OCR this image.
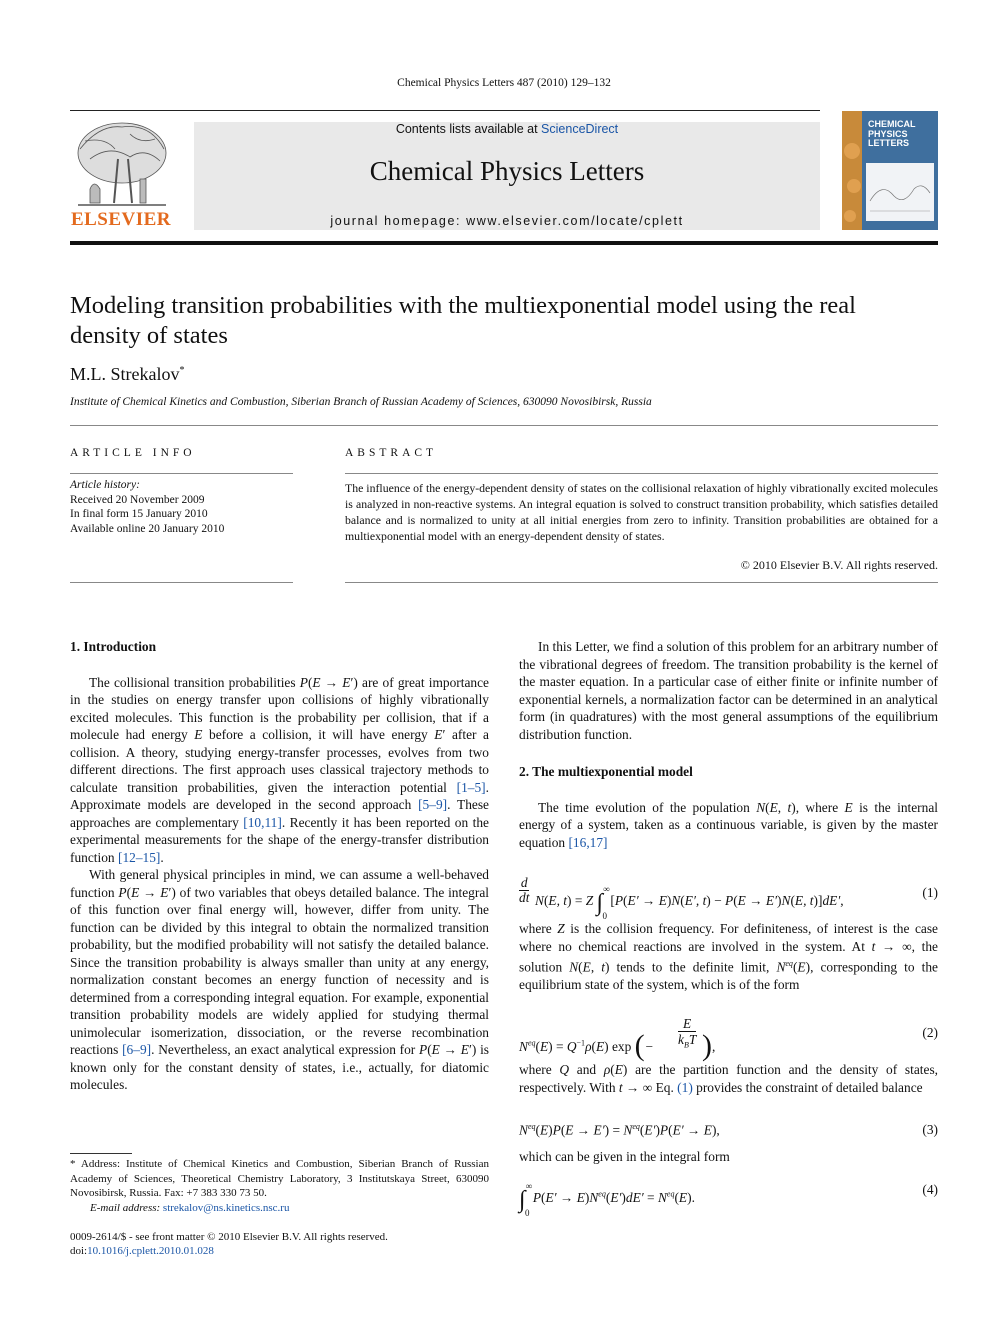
Chemical Physics Letters 487 (2010) 129–132
ELSEVIER
Contents lists available at ScienceDirect
Chemical Physics Letters
journal homepage: www.elsevier.com/locate/cplett
CHEMICAL PHYSICS LETTERS
Modeling transition probabilities with the multiexponential model using the real density of states
M.L. Strekalov*
Institute of Chemical Kinetics and Combustion, Siberian Branch of Russian Academy of Sciences, 630090 Novosibirsk, Russia
ARTICLE INFO
Article history:
Received 20 November 2009
In final form 15 January 2010
Available online 20 January 2010
ABSTRACT
The influence of the energy-dependent density of states on the collisional relaxation of highly vibrationally excited molecules is analyzed in non-reactive systems. An integral equation is solved to construct transition probability, which satisfies detailed balance and is normalized to unity at all initial energies from zero to infinity. Transition probabilities are obtained for a multiexponential model with an energy-dependent density of states.
© 2010 Elsevier B.V. All rights reserved.
1. Introduction

The collisional transition probabilities P(E → E′) are of great importance in the studies on energy transfer upon collisions of highly vibrationally excited molecules. This function is the probability per collision, that if a molecule had energy E before a collision, it will have energy E′ after a collision. A theory, studying energy-transfer processes, evolves from two different directions. The first approach uses classical trajectory methods to calculate transition probabilities, given the interaction potential [1–5]. Approximate models are developed in the second approach [5–9]. These approaches are complementary [10,11]. Recently it has been reported on the experimental measurements for the shape of the energy-transfer distribution function [12–15].

With general physical principles in mind, we can assume a well-behaved function P(E → E′) of two variables that obeys detailed balance. The integral of this function over final energy will, however, differ from unity. The function can be divided by this integral to obtain the normalized transition probability, but the modified probability will not satisfy the detailed balance. Since the transition probability is always smaller than unity at any energy, normalization constant becomes an energy function of necessity and is determined from a corresponding integral equation. For example, exponential transition probability models are widely applied for studying thermal unimolecular isomerization, dissociation, or the reverse recombination reactions [6–9]. Nevertheless, an exact analytical expression for P(E → E′) is known only for the constant density of states, i.e., actually, for diatomic molecules.

* Address: Institute of Chemical Kinetics and Combustion, Siberian Branch of Russian Academy of Sciences, Theoretical Chemistry Laboratory, 3 Institutskaya Street, 630090 Novosibirsk, Russia. Fax: +7 383 330 73 50.
E-mail address: strekalov@ns.kinetics.nsc.ru
0009-2614/$ - see front matter © 2010 Elsevier B.V. All rights reserved.
doi:10.1016/j.cplett.2010.01.028

In this Letter, we find a solution of this problem for an arbitrary number of the vibrational degrees of freedom. The transition probability is the kernel of the master equation. In a particular case of either finite or infinite number of exponential kernels, a normalization factor can be determined in an analytical form (in quadratures) with the most general assumptions of the equilibrium distribution function.

2. The multiexponential model

The time evolution of the population N(E, t), where E is the internal energy of a system, taken as a continuous variable, is given by the master equation [16,17]

d
dt N(E, t) = Z $\int^\infty_0$ [P(E′ → E)N(E′, t) − P(E → E′)N(E, t)]dE′,
(1)

where Z is the collision frequency. For definiteness, of interest is the case where no chemical reactions are involved in the system. At t → ∞, the solution N(E, t) tends to the definite limit, $N^{eq}(E)$, corresponding to the equilibrium state of the system, which is of the form

$N^{eq}(E) = Q^{-1}\rho(E)$ exp (−
E
$k_BT$ ),
(2)

where Q and ρ(E) are the partition function and the density of states, respectively. With t → ∞ Eq. (1) provides the constraint of detailed balance

$N^{eq}(E)P(E \to E') = N^{eq}(E')P(E' \to E)$,	(3)

which can be given in the integral form

$\int^\infty_0$ $P(E' \to E)N^{eq}(E')dE' = N^{eq}(E)$.
(4)
